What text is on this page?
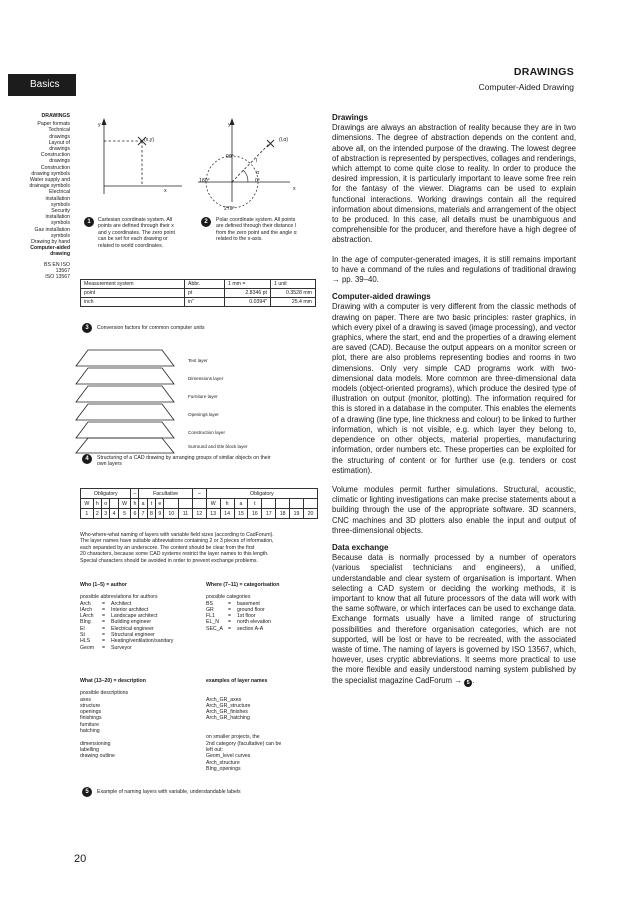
Basics
DRAWINGS
Computer-Aided Drawing
DRAWINGS
Paper formats
Technical
drawings
Layout of
drawings
Construction
drawings
Construction
drawing symbols
Water supply and
drainage symbols
Electrical
installation
symbols
Security
installation
symbols
Gas installation
symbols
Drawing by hand
Computer-aided
drawing
BS EN ISO
13567
ISO 13567
y
(x,y)
x
1	Cartesian coordinate system. All
points are defined through their x
and y coordinates. The zero point
can be set for each drawing or
related to world coordinates.
y
(l,α)
90°
α
l
180°	0°
x
270°
2	Polar coordinate system. All points
are defined through their distance l
from the zero point and the angle α
related to the x-axis.
Measurement system	Abbr.	1 mm =	1 unit
point	pt	2.8346 pt	0.3528 mm
inch	in"	0.0394"	25.4 mm
3	Conversion factors for common computer units
Text layer
Dimensions layer
Furniture layer
Openings layer
Construction layer
Surround and title block layer
4	Structuring of a CAD drawing by arranging groups of similar objects on their
own layers
Obligatory					–	Facultative					–	Obligatory							
W	h	o		W	h	a	t	e				W	h	a	t				
1	2	3	4	5	6	7	8	9	10	11	12	13	14	15	16	17	18	19	20
Who-where-what naming of layers with variable field sizes (according to CadForum).
The layer names have suitable abbreviations containing 2 or 3 pieces of information,
each separated by an underscore. The content should be clear from the first
20 characters, because some CAD systems restrict the layer names to this length.
Special characters should be avoided in order to prevent exchange problems.
Who (1–5) = author
possible abbreviations for authors
Arch	=	Architect
IArch	=	Interior architect
LArch	=	Landscape architect
BIng	=	Building engineer
El	=	Electrical engineer
St	=	Structural engineer
HLS	=	Heating/ventilation/sanitary
Geom	=	Surveyor
Where (7–11) = categorisation
possible categories
BS	=	basement
GR	=	ground floor
FL1	=	1st floor
EL_N	=	north elevation
SEC_A =	section A-A
What (13–20) = description
possible descriptions
axes
structure
openings
finishings
furniture
hatching
dimensioning
labelling
drawing outline
examples of layer names
Arch_GR_axes
Arch_GR_structure
Arch_GR_finishes
Arch_GR_hatching
on smaller projects, the
2nd category (facultative) can be
left out:
Geom_level curves
Arch_structure
BIng_openings
5	Example of naming layers with variable, understandable labels
Drawings

Drawings are always an abstraction of reality because they are in two dimensions. The degree of abstraction depends on the content and, above all, on the intended purpose of the drawing. The lowest degree of abstraction is represented by perspectives, collages and renderings, which attempt to come quite close to reality. In order to produce the desired impression, it is particularly important to leave some free rein for the fantasy of the viewer. Diagrams can be used to explain functional interactions. Working drawings contain all the required information about dimensions, materials and arrangement of the object to be produced. In this case, all details must be unambiguous and comprehensible for the producer, and therefore have a high degree of abstraction.

In the age of computer-generated images, it is still remains important to have a command of the rules and regulations of traditional drawing → pp. 39–40.

Computer-aided drawings

Drawing with a computer is very different from the classic methods of drawing on paper. There are two basic principles: raster graphics, in which every pixel of a drawing is saved (image processing), and vector graphics, where the start, end and the properties of a drawing element are saved (CAD). Because the output appears on a monitor screen or plot, there are also problems representing bodies and rooms in two dimensions. Only very simple CAD programs work with two-dimensional data models. More common are three-dimensional data models (object-oriented programs), which produce the desired type of illustration on output (monitor, plotting). The information required for this is stored in a database in the computer. This enables the elements of a drawing (line type, line thickness and colour) to be linked to further information, which is not visible, e.g. which layer they belong to, dependence on other objects, material properties, manufacturing information, order numbers etc. These properties can be exploited for the structuring of content or for further use (e.g. tenders or cost estimation).

Volume modules permit further simulations. Structural, acoustic, climatic or lighting investigations can make precise statements about a building through the use of the appropriate software. 3D scanners, CNC machines and 3D plotters also enable the input and output of three-dimensional objects.

Data exchange

Because data is normally processed by a number of operators (various specialist technicians and engineers), a unified, understandable and clear system of organisation is important. When selecting a CAD system or deciding the working methods, it is important to know that all future processors of the data will work with the same software, or which interfaces can be used to exchange data. Exchange formats usually have a limited range of structuring possibilities and therefore organisation categories, which are not supported, will be lost or have to be recreated, with the associated waste of time. The naming of layers is governed by ISO 13567, which, however, uses cryptic abbreviations. It seems more practical to use the more flexible and easily understood naming system published by the specialist magazine CadForum → 5 .

20
